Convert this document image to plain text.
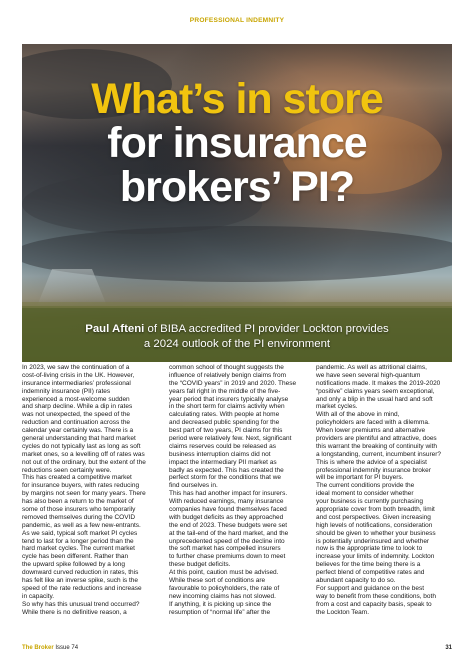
PROFESSIONAL INDEMNITY
What’s in store
for insurance
brokers’ PI?
Paul Afteni of BIBA accredited PI provider Lockton provides
a 2024 outlook of the PI environment
In 2023, we saw the continuation of a
cost-of-living crisis in the UK. However,
insurance intermediaries’ professional
indemnity insurance (PII) rates
experienced a most-welcome sudden
and sharp decline. While a dip in rates
was not unexpected, the speed of the
reduction and continuation across the
calendar year certainly was. There is a
general understanding that hard market
cycles do not typically last as long as soft
market ones, so a levelling off of rates was
not out of the ordinary, but the extent of the
reductions seen certainly were.
This has created a competitive market
for insurance buyers, with rates reducing
by margins not seen for many years. There
has also been a return to the market of
some of those insurers who temporarily
removed themselves during the COVID
pandemic, as well as a few new-entrants.
As we said, typical soft market PI cycles
tend to last for a longer period than the
hard market cycles. The current market
cycle has been different. Rather than
the upward spike followed by a long
downward curved reduction in rates, this
has felt like an inverse spike, such is the
speed of the rate reductions and increase
in capacity.
So why has this unusual trend occurred?
While there is no definitive reason, a
common school of thought suggests the
influence of relatively benign claims from
the “COVID years” in 2019 and 2020. These
years fall right in the middle of the five-
year period that insurers typically analyse
in the short term for claims activity when
calculating rates. With people at home
and decreased public spending for the
best part of two years, PI claims for this
period were relatively few. Next, significant
claims reserves could be released as
business interruption claims did not
impact the intermediary PII market as
badly as expected. This has created the
perfect storm for the conditions that we
find ourselves in.
This has had another impact for insurers.
With reduced earnings, many insurance
companies have found themselves faced
with budget deficits as they approached
the end of 2023. These budgets were set
at the tail-end of the hard market, and the
unprecedented speed of the decline into
the soft market has compelled insurers
to further chase premiums down to meet
these budget deficits.
At this point, caution must be advised.
While these sort of conditions are
favourable to policyholders, the rate of
new incoming claims has not slowed.
If anything, it is picking up since the
resumption of “normal life” after the
pandemic. As well as attritional claims,
we have seen several high-quantum
notifications made. It makes the 2019-2020
“positive” claims years seem exceptional,
and only a blip in the usual hard and soft
market cycles.
With all of the above in mind,
policyholders are faced with a dilemma.
When lower premiums and alternative
providers are plentiful and attractive, does
this warrant the breaking of continuity with
a longstanding, current, incumbent insurer?
This is where the advice of a specialist
professional indemnity insurance broker
will be important for PI buyers.
The current conditions provide the
ideal moment to consider whether
your business is currently purchasing
appropriate cover from both breadth, limit
and cost perspectives. Given increasing
high levels of notifications, consideration
should be given to whether your business
is potentially underinsured and whether
now is the appropriate time to look to
increase your limits of indemnity. Lockton
believes for the time being there is a
perfect blend of competitive rates and
abundant capacity to do so.
For support and guidance on the best
way to benefit from these conditions, both
from a cost and capacity basis, speak to
the Lockton Team.
The Broker Issue 74	31
